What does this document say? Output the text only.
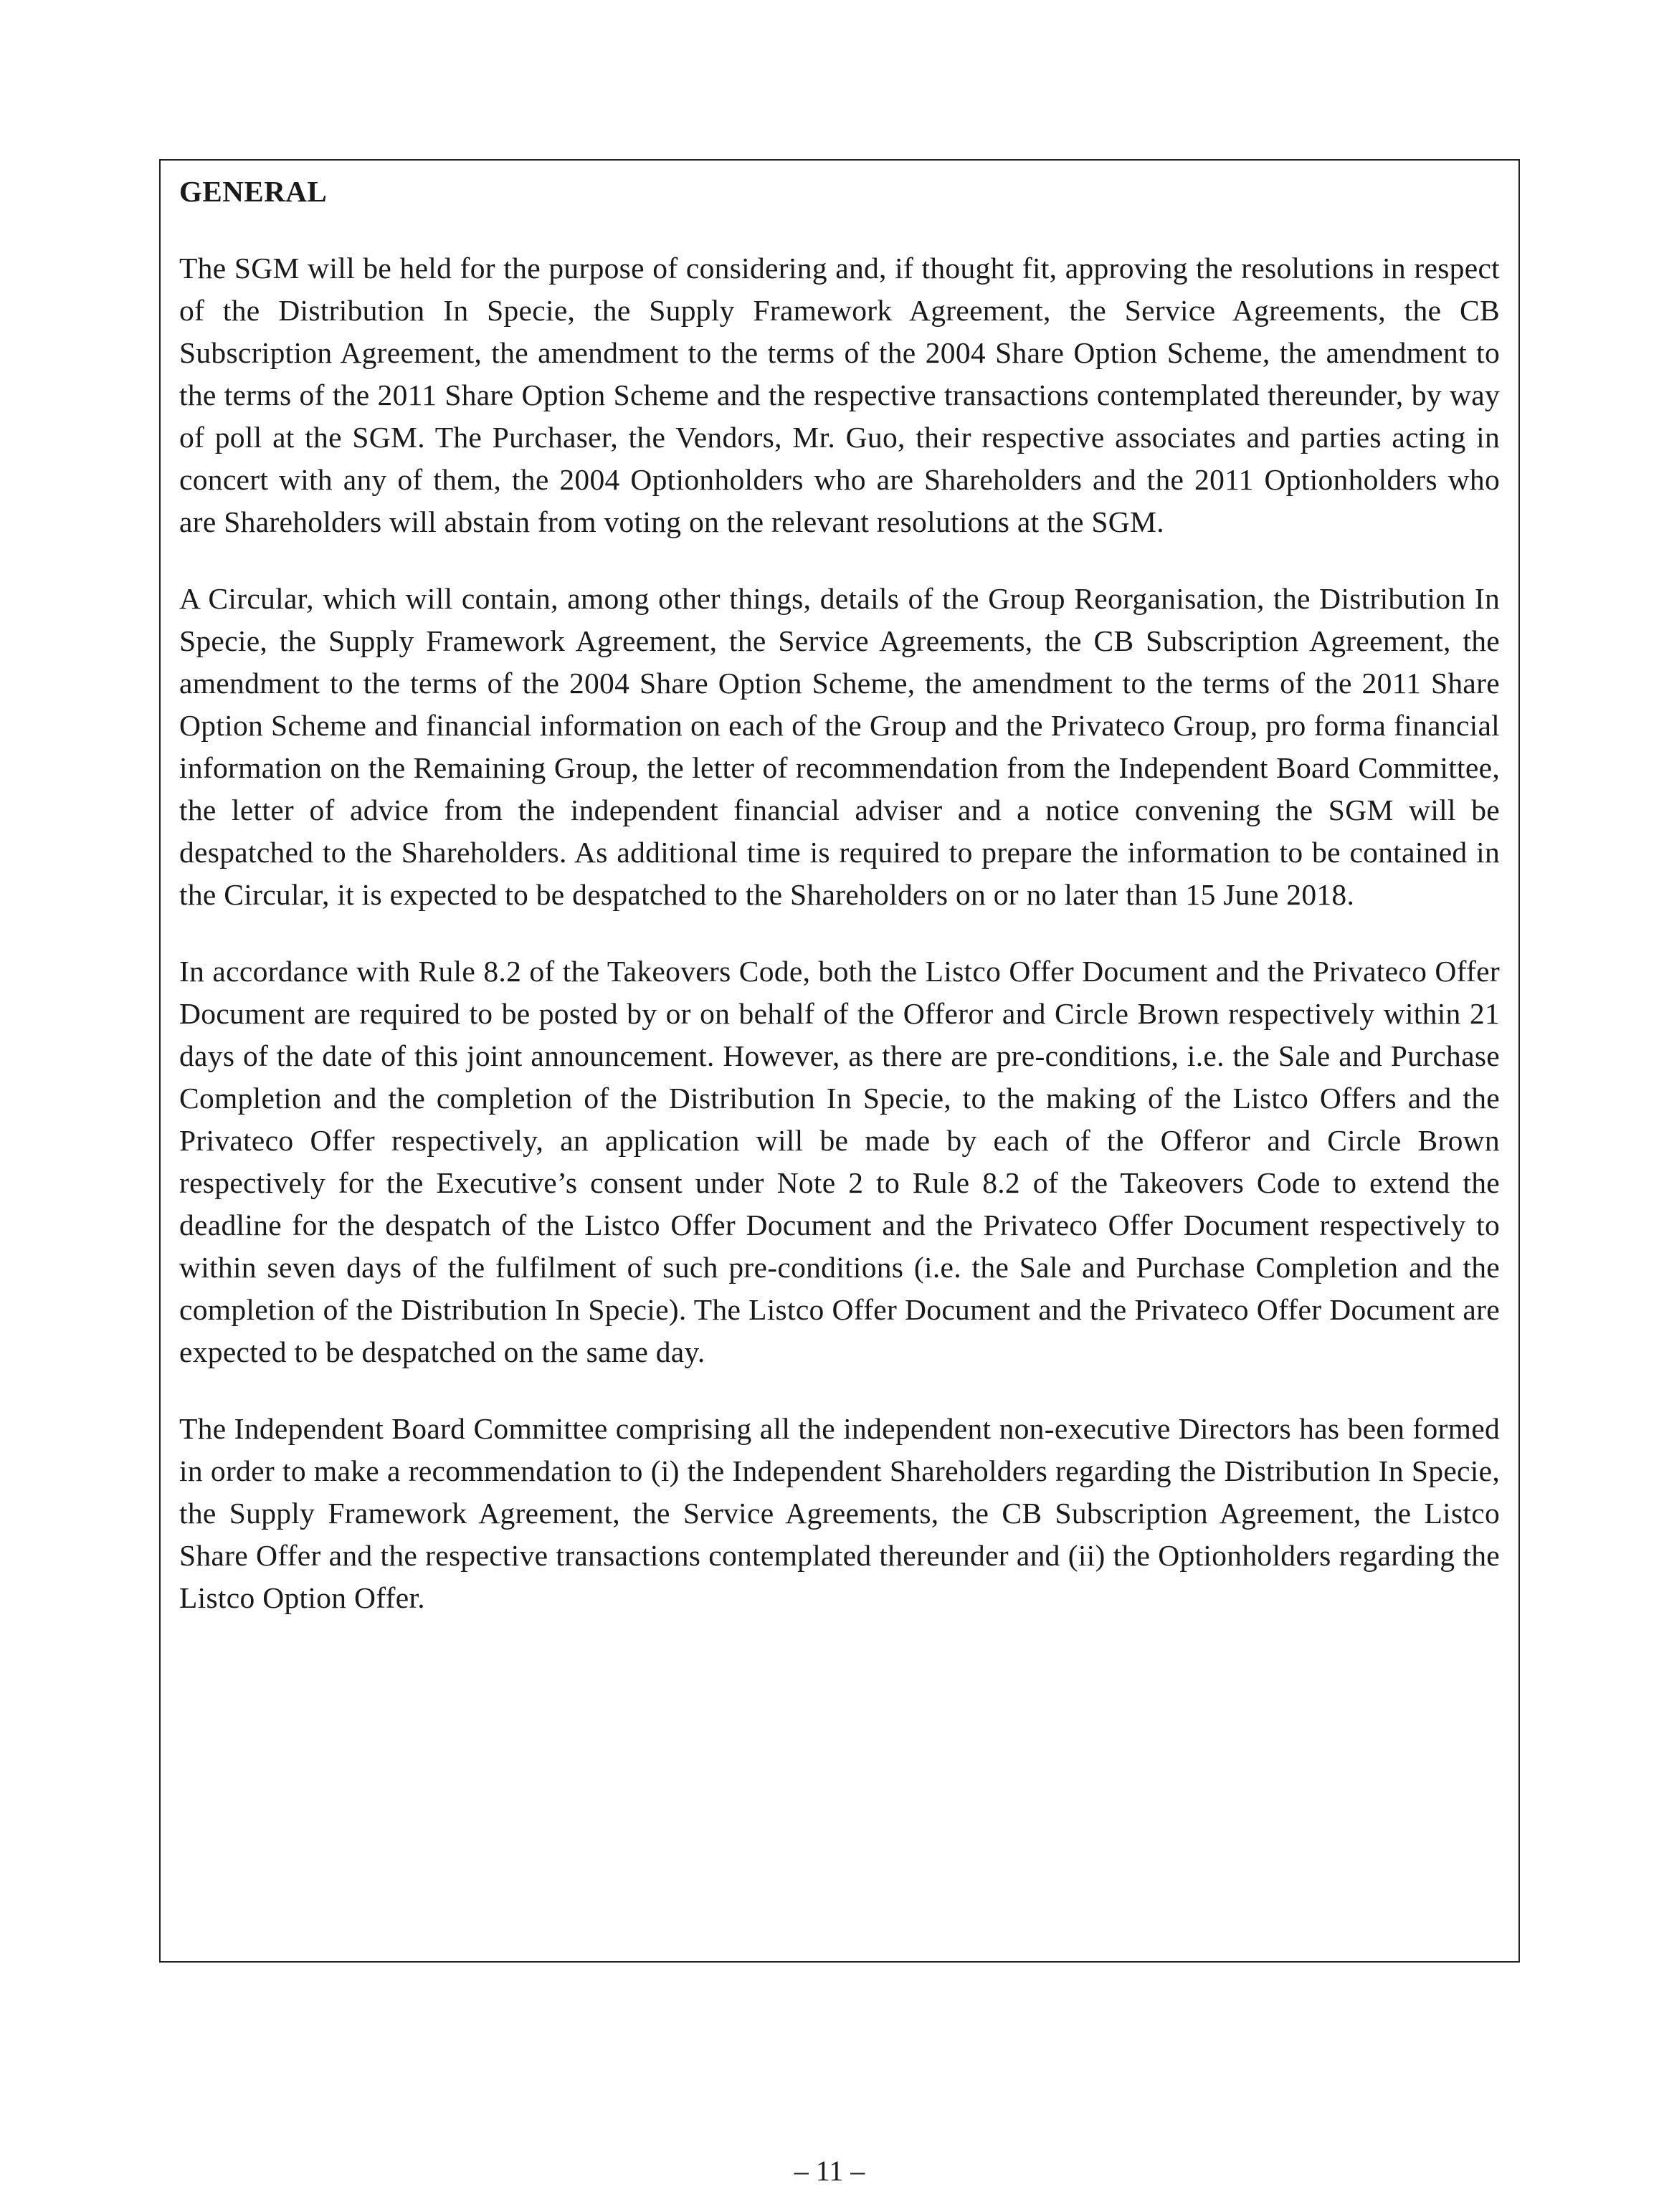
GENERAL

The SGM will be held for the purpose of considering and, if thought fit, approving the resolutions in respect of the Distribution In Specie, the Supply Framework Agreement, the Service Agreements, the CB Subscription Agreement, the amendment to the terms of the 2004 Share Option Scheme, the amendment to the terms of the 2011 Share Option Scheme and the respective transactions contemplated thereunder, by way of poll at the SGM. The Purchaser, the Vendors, Mr. Guo, their respective associates and parties acting in concert with any of them, the 2004 Optionholders who are Shareholders and the 2011 Optionholders who are Shareholders will abstain from voting on the relevant resolutions at the SGM.

A Circular, which will contain, among other things, details of the Group Reorganisation, the Distribution In Specie, the Supply Framework Agreement, the Service Agreements, the CB Subscription Agreement, the amendment to the terms of the 2004 Share Option Scheme, the amendment to the terms of the 2011 Share Option Scheme and financial information on each of the Group and the Privateco Group, pro forma financial information on the Remaining Group, the letter of recommendation from the Independent Board Committee, the letter of advice from the independent financial adviser and a notice convening the SGM will be despatched to the Shareholders. As additional time is required to prepare the information to be contained in the Circular, it is expected to be despatched to the Shareholders on or no later than 15 June 2018.

In accordance with Rule 8.2 of the Takeovers Code, both the Listco Offer Document and the Privateco Offer Document are required to be posted by or on behalf of the Offeror and Circle Brown respectively within 21 days of the date of this joint announcement. However, as there are pre-conditions, i.e. the Sale and Purchase Completion and the completion of the Distribution In Specie, to the making of the Listco Offers and the Privateco Offer respectively, an application will be made by each of the Offeror and Circle Brown respectively for the Executive’s consent under Note 2 to Rule 8.2 of the Takeovers Code to extend the deadline for the despatch of the Listco Offer Document and the Privateco Offer Document respectively to within seven days of the fulfilment of such pre-conditions (i.e. the Sale and Purchase Completion and the completion of the Distribution In Specie). The Listco Offer Document and the Privateco Offer Document are expected to be despatched on the same day.

The Independent Board Committee comprising all the independent non-executive Directors has been formed in order to make a recommendation to (i) the Independent Shareholders regarding the Distribution In Specie, the Supply Framework Agreement, the Service Agreements, the CB Subscription Agreement, the Listco Share Offer and the respective transactions contemplated thereunder and (ii) the Optionholders regarding the Listco Option Offer.

– 11 –
